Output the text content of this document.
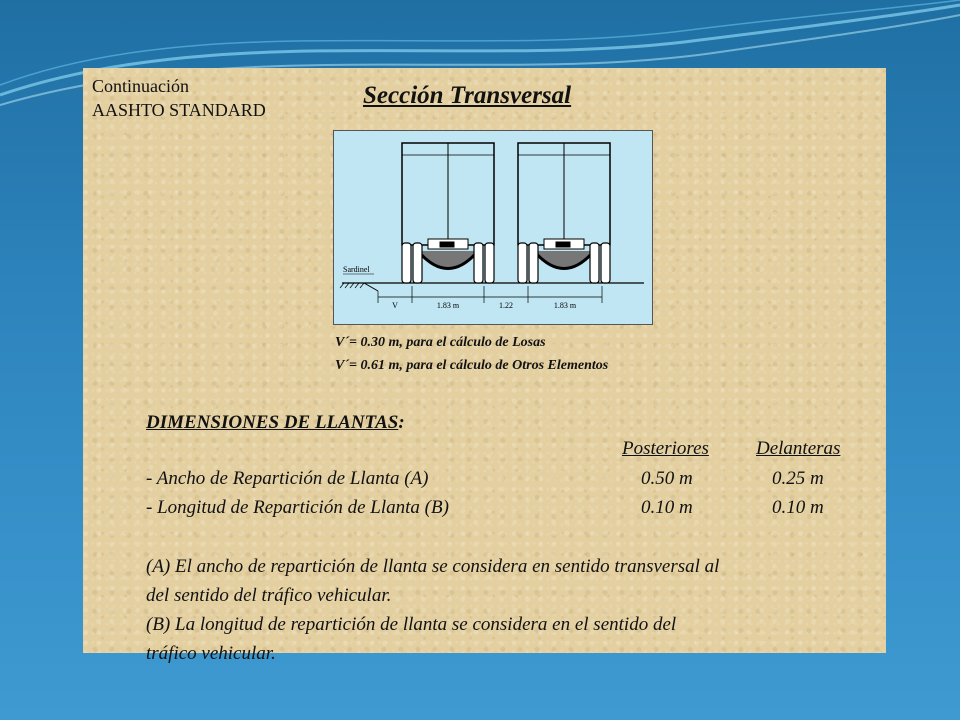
Continuación
AASHTO STANDARD
Sección Transversal
Sardinel
V	1.83 m	1.22	1.83 m
V´= 0.30 m, para el cálculo de Losas
V´= 0.61 m, para el cálculo de Otros Elementos
DIMENSIONES DE LLANTAS:
Posteriores Delanteras
- Ancho de Repartición de Llanta (A)	0.50 m	0.25 m
- Longitud de Repartición de Llanta (B)	0.10 m	0.10 m
(A) El ancho de repartición de llanta se considera en sentido transversal al
del sentido del tráfico vehicular.
(B) La longitud de repartición de llanta se considera en el sentido del
tráfico vehicular.
